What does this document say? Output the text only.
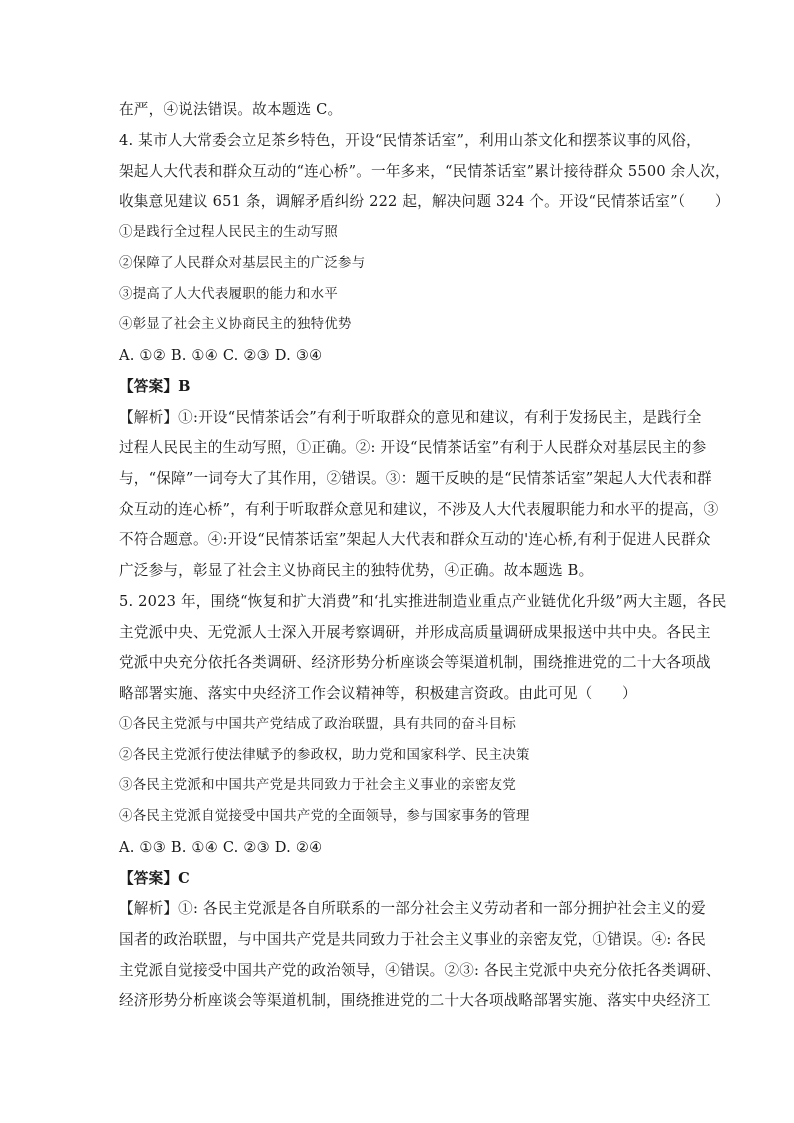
在严，④说法错误。故本题选 C。
4. 某市人大常委会立足茶乡特色，开设“民情茶话室”，利用山茶文化和摆茶议事的风俗，
架起人大代表和群众互动的“连心桥”。一年多来，“民情茶话室”累计接待群众 5500 余人次，
收集意见建议 651 条，调解矛盾纠纷 222 起，解决问题 324 个。开设“民情茶话室”（　　）
①是践行全过程人民民主的生动写照
②保障了人民群众对基层民主的广泛参与
③提高了人大代表履职的能力和水平
④彰显了社会主义协商民主的独特优势
A. ①② B. ①④ C. ②③ D. ③④
【答案】B
【解析】①:开设“民情茶话会”有利于听取群众的意见和建议，有利于发扬民主，是践行全
过程人民民主的生动写照，①正确。②: 开设“民情茶话室”有利于人民群众对基层民主的参
与，“保障”一词夸大了其作用，②错误。③：题干反映的是“民情茶话室”架起人大代表和群
众互动的连心桥”，有利于听取群众意见和建议，不涉及人大代表履职能力和水平的提高，③
不符合题意。④:开设“民情茶话室”架起人大代表和群众互动的'连心桥,有利于促进人民群众
广泛参与，彰显了社会主义协商民主的独特优势，④正确。故本题选 B。
5. 2023 年，围绕“恢复和扩大消费”和‘扎实推进制造业重点产业链优化升级”两大主题，各民
主党派中央、无党派人士深入开展考察调研，并形成高质量调研成果报送中共中央。各民主
党派中央充分依托各类调研、经济形势分析座谈会等渠道机制，围绕推进党的二十大各项战
略部署实施、落实中央经济工作会议精神等，积极建言资政。由此可见（　　）
①各民主党派与中国共产党结成了政治联盟，具有共同的奋斗目标
②各民主党派行使法律赋予的参政权，助力党和国家科学、民主决策
③各民主党派和中国共产党是共同致力于社会主义事业的亲密友党
④各民主党派自觉接受中国共产党的全面领导，参与国家事务的管理
A. ①③ B. ①④ C. ②③ D. ②④
【答案】C
【解析】①: 各民主党派是各自所联系的一部分社会主义劳动者和一部分拥护社会主义的爱
国者的政治联盟，与中国共产党是共同致力于社会主义事业的亲密友党，①错误。④: 各民
主党派自觉接受中国共产党的政治领导，④错误。②③: 各民主党派中央充分依托各类调研、
经济形势分析座谈会等渠道机制，围绕推进党的二十大各项战略部署实施、落实中央经济工
